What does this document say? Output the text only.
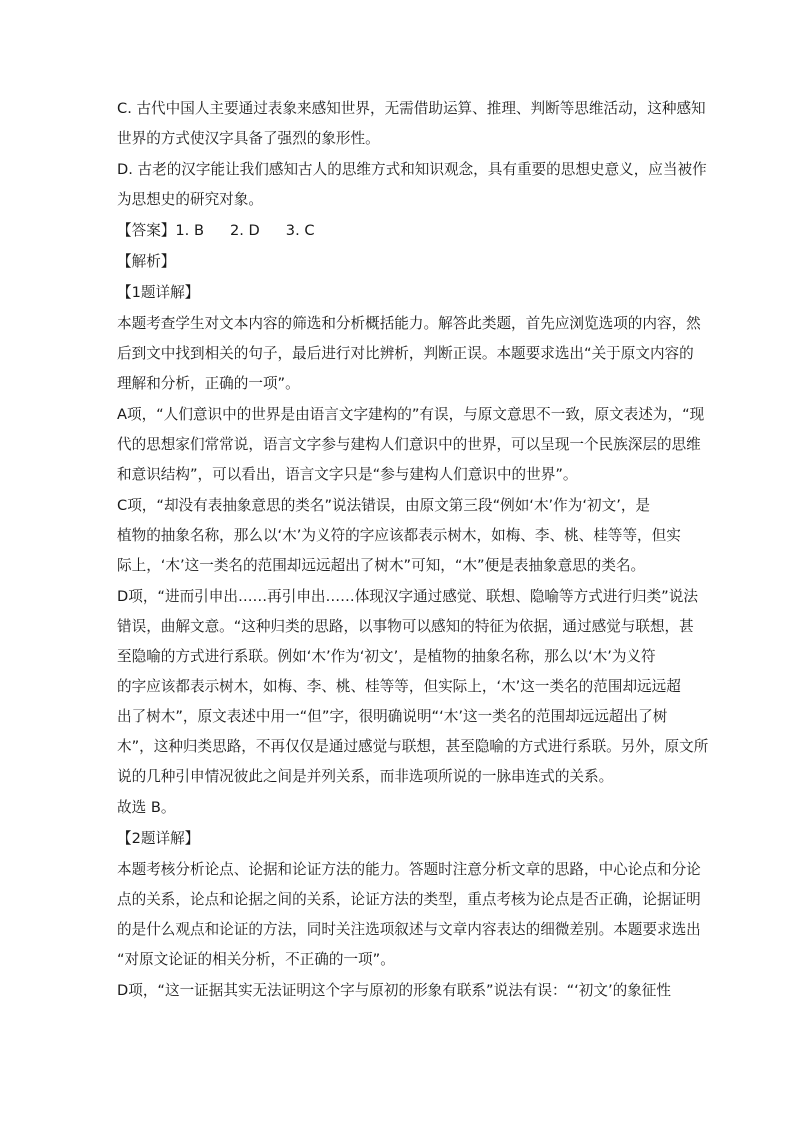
C. 古代中国人主要通过表象来感知世界，无需借助运算、推理、判断等思维活动，这种感知

世界的方式使汉字具备了强烈的象形性。

D. 古老的汉字能让我们感知古人的思维方式和知识观念，具有重要的思想史意义，应当被作

为思想史的研究对象。

【答案】1. B 2. D 3. C

【解析】

【1题详解】

本题考查学生对文本内容的筛选和分析概括能力。解答此类题，首先应浏览选项的内容，然

后到文中找到相关的句子，最后进行对比辨析，判断正误。本题要求选出“关于原文内容的

理解和分析，正确的一项”。

A项，“人们意识中的世界是由语言文字建构的”有误，与原文意思不一致，原文表述为，“现

代的思想家们常常说，语言文字参与建构人们意识中的世界，可以呈现一个民族深层的思维

和意识结构”，可以看出，语言文字只是“参与建构人们意识中的世界”。

C项，“却没有表抽象意思的类名”说法错误，由原文第三段“例如‘木’作为‘初文’，是

植物的抽象名称，那么以‘木’为义符的字应该都表示树木，如梅、李、桃、桂等等，但实

际上，‘木’这一类名的范围却远远超出了树木”可知，“木”便是表抽象意思的类名。

D项，“进而引申出……再引申出……体现汉字通过感觉、联想、隐喻等方式进行归类”说法

错误，曲解文意。“这种归类的思路，以事物可以感知的特征为依据，通过感觉与联想，甚

至隐喻的方式进行系联。例如‘木’作为‘初文’，是植物的抽象名称，那么以‘木’为义符

的字应该都表示树木，如梅、李、桃、桂等等，但实际上，‘木’这一类名的范围却远远超

出了树木”，原文表述中用一“但”字，很明确说明“‘木’这一类名的范围却远远超出了树

木”，这种归类思路，不再仅仅是通过感觉与联想，甚至隐喻的方式进行系联。另外，原文所

说的几种引申情况彼此之间是并列关系，而非选项所说的一脉串连式的关系。

故选 B。

【2题详解】

本题考核分析论点、论据和论证方法的能力。答题时注意分析文章的思路，中心论点和分论

点的关系，论点和论据之间的关系，论证方法的类型，重点考核为论点是否正确，论据证明

的是什么观点和论证的方法，同时关注选项叙述与文章内容表达的细微差别。本题要求选出

“对原文论证的相关分析，不正确的一项”。

D项，“这一证据其实无法证明这个字与原初的形象有联系”说法有误：“‘初文’的象征性
